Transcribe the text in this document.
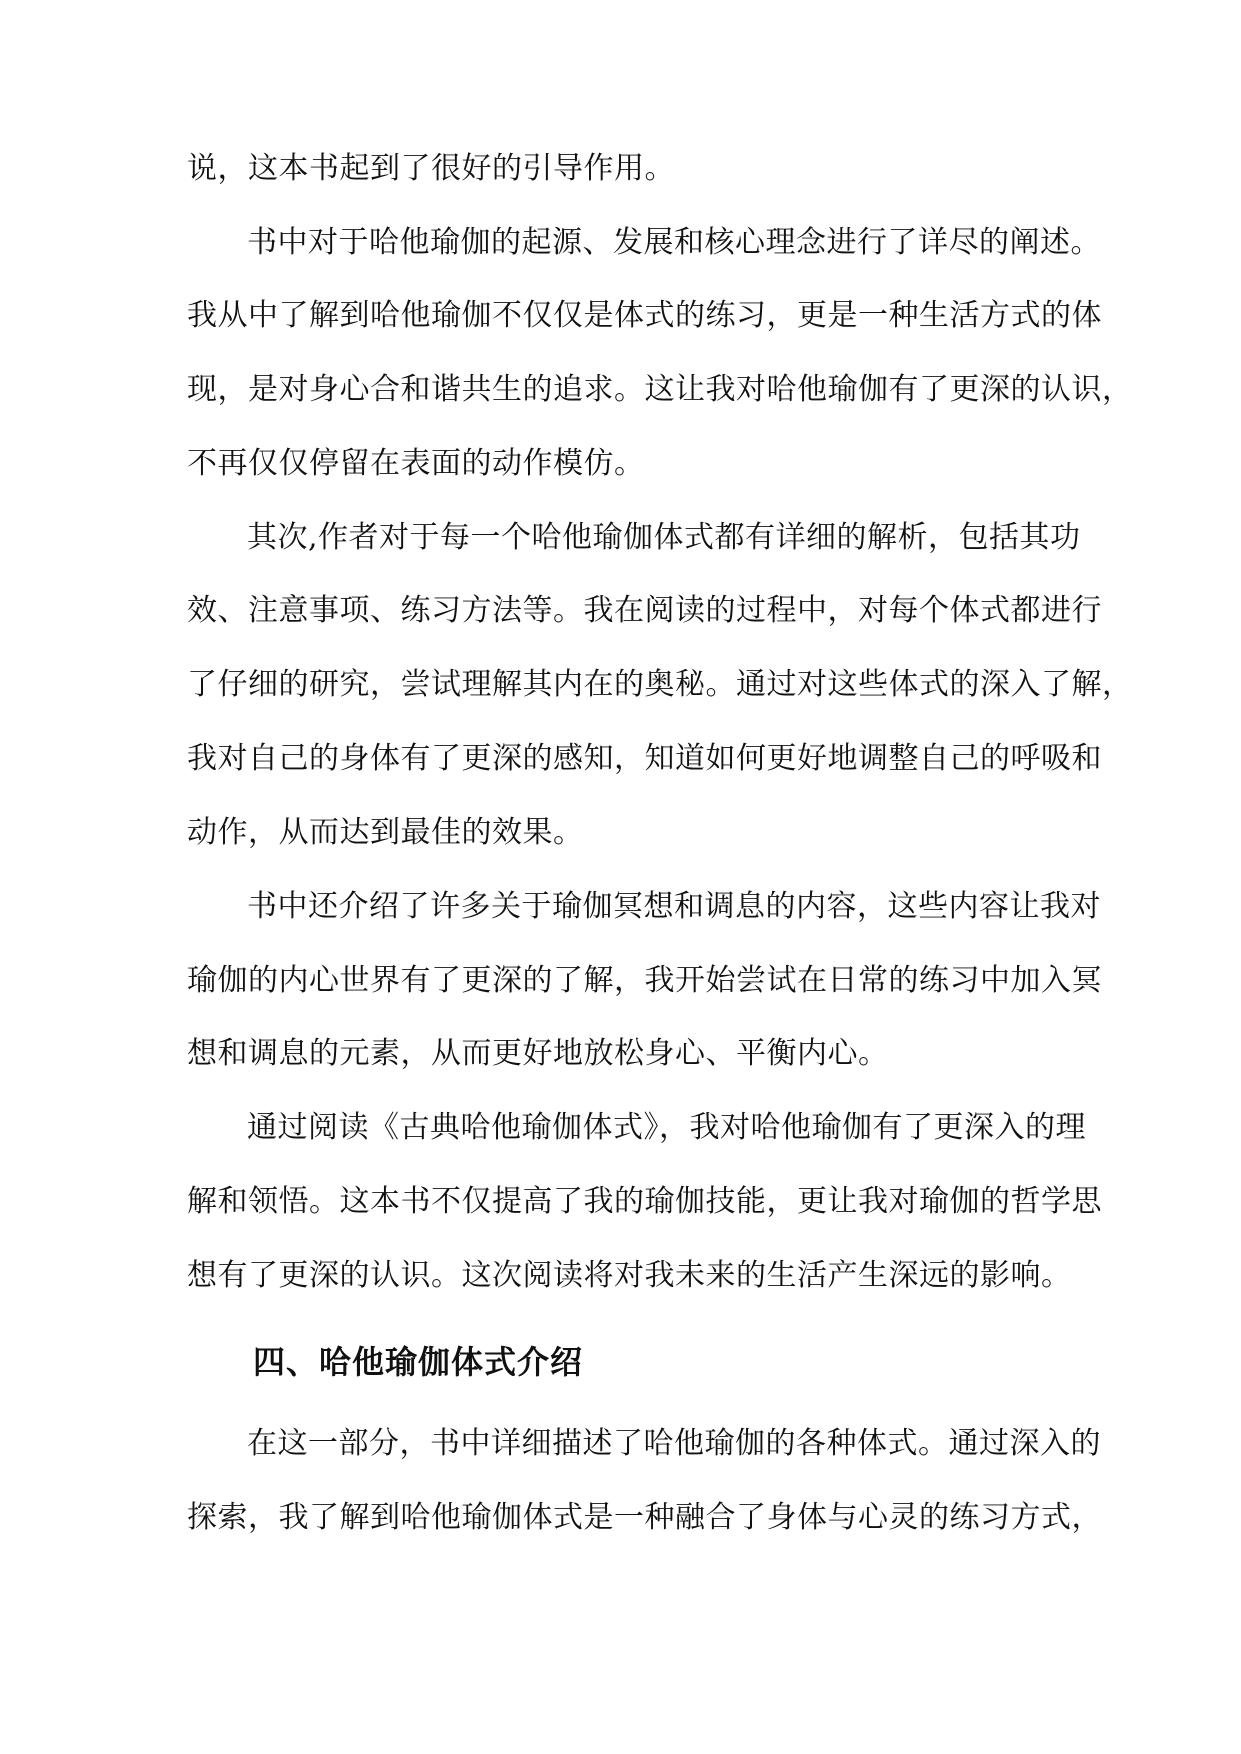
说，这本书起到了很好的引导作用。
书中对于哈他瑜伽的起源、发展和核心理念进行了详尽的阐述。
我从中了解到哈他瑜伽不仅仅是体式的练习，更是一种生活方式的体
现，是对身心合和谐共生的追求。这让我对哈他瑜伽有了更深的认识，
不再仅仅停留在表面的动作模仿。
其次,作者对于每一个哈他瑜伽体式都有详细的解析，包括其功
效、注意事项、练习方法等。我在阅读的过程中，对每个体式都进行
了仔细的研究，尝试理解其内在的奥秘。通过对这些体式的深入了解，
我对自己的身体有了更深的感知，知道如何更好地调整自己的呼吸和
动作，从而达到最佳的效果。
书中还介绍了许多关于瑜伽冥想和调息的内容，这些内容让我对
瑜伽的内心世界有了更深的了解，我开始尝试在日常的练习中加入冥
想和调息的元素，从而更好地放松身心、平衡内心。
通过阅读《古典哈他瑜伽体式》，我对哈他瑜伽有了更深入的理
解和领悟。这本书不仅提高了我的瑜伽技能，更让我对瑜伽的哲学思
想有了更深的认识。这次阅读将对我未来的生活产生深远的影响。
四、哈他瑜伽体式介绍
在这一部分，书中详细描述了哈他瑜伽的各种体式。通过深入的
探索，我了解到哈他瑜伽体式是一种融合了身体与心灵的练习方式，
